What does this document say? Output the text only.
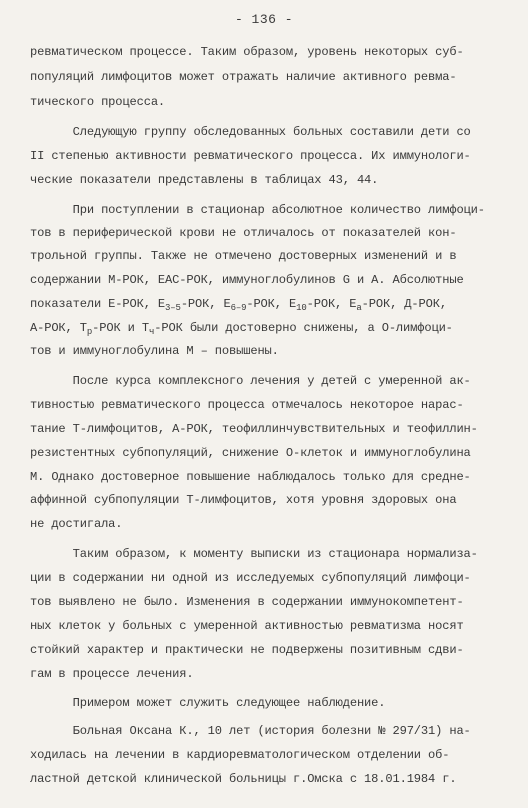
- 136 -
ревматическом процессе. Таким образом, уровень некоторых суб-
популяций лимфоцитов может отражать наличие активного ревма-
тического процесса.
Следующую группу обследованных больных составили дети со
II степенью активности ревматического процесса. Их иммунологи-
ческие показатели представлены в таблицах 43, 44.
При поступлении в стационар абсолютное количество лимфоци-
тов в периферической крови не отличалось от показателей кон-
трольной группы. Также не отмечено достоверных изменений и в
содержании М-РОК, ЕАС-РОК, иммуноглобулинов G и А. Абсолютные
показатели Е-РОК, $Е_{3-5}$-РОК, $Е_{6-9}$-РОК, $Е_{10}$-РОК, $Е_а$-РОК, Д-РОК,
А-РОК, $Т_р$-РОК и $Т_ч$-РОК были достоверно снижены, а О-лимфоци-
тов и иммуноглобулина М – повышены.
После курса комплексного лечения у детей с умеренной ак-
тивностью ревматического процесса отмечалось некоторое нарас-
тание Т-лимфоцитов, А-РОК, теофиллинчувствительных и теофиллин-
резистентных субпопуляций, снижение О-клеток и иммуноглобулина
М. Однако достоверное повышение наблюдалось только для средне-
аффинной субпопуляции Т-лимфоцитов, хотя уровня здоровых она
не достигала.
Таким образом, к моменту выписки из стационара нормализа-
ции в содержании ни одной из исследуемых субпопуляций лимфоци-
тов выявлено не было. Изменения в содержании иммунокомпетент-
ных клеток у больных с умеренной активностью ревматизма носят
стойкий характер и практически не подвержены позитивным сдви-
гам в процессе лечения.
Примером может служить следующее наблюдение.
Больная Оксана К., 10 лет (история болезни № 297/31) на-
ходилась на лечении в кардиоревматологическом отделении об-
ластной детской клинической больницы г.Омска с 18.01.1984 г.
